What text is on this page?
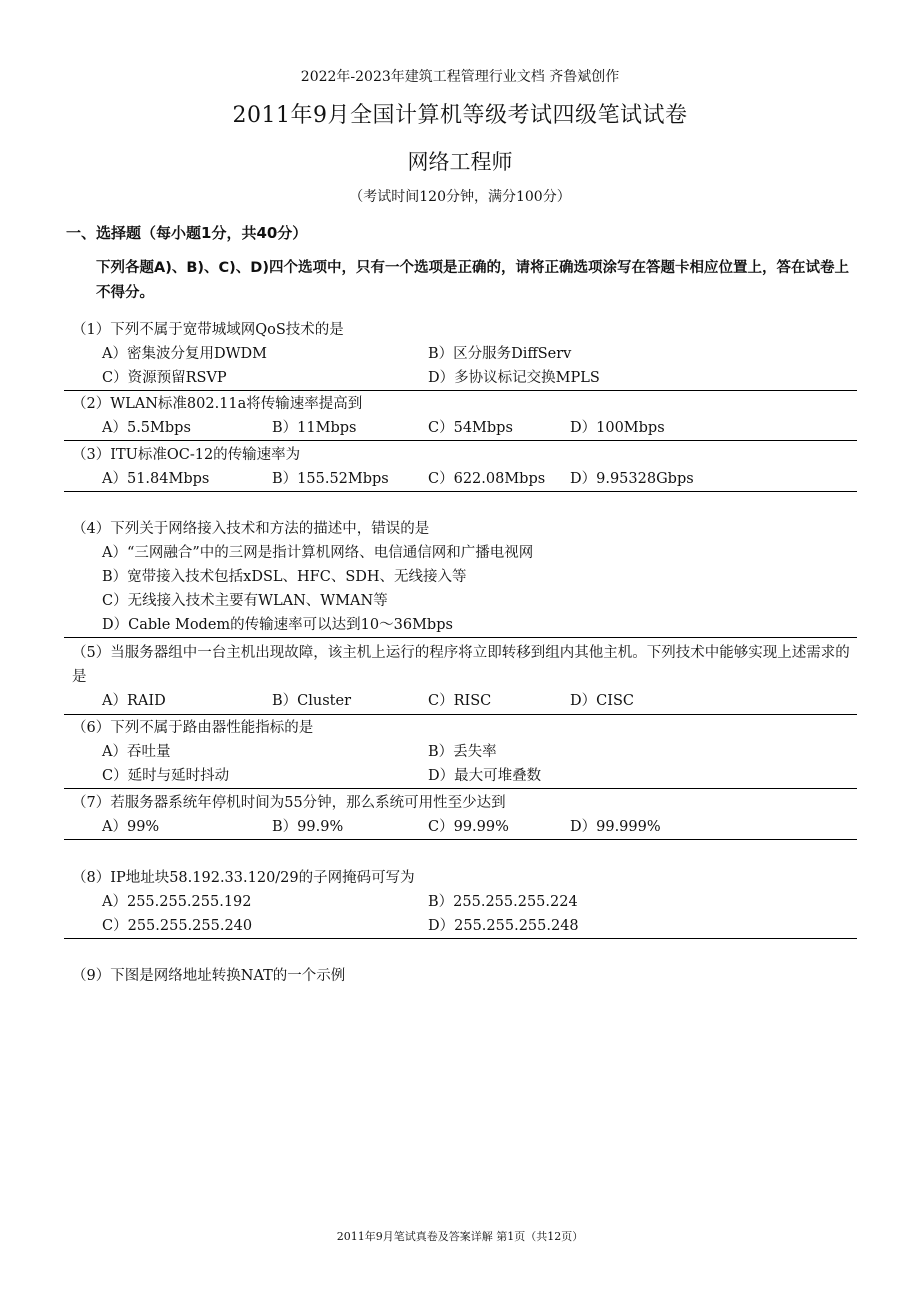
2022年-2023年建筑工程管理行业文档 齐鲁斌创作
2011年9月全国计算机等级考试四级笔试试卷
网络工程师
（考试时间120分钟，满分100分）
一、选择题（每小题1分，共40分）
下列各题A)、B)、C)、D)四个选项中，只有一个选项是正确的，请将正确选项涂写在答题卡相应位置上，答在试卷上不得分。
（1）下列不属于宽带城域网QoS技术的是
A）密集波分复用DWDM	B）区分服务DiffServ
C）资源预留RSVP	D）多协议标记交换MPLS
（2）WLAN标准802.11a将传输速率提高到
A）5.5Mbps	B）11Mbps	C）54Mbps	D）100Mbps
（3）ITU标准OC-12的传输速率为
A）51.84Mbps	B）155.52Mbps	C）622.08Mbps D）9.95328Gbps
（4）下列关于网络接入技术和方法的描述中，错误的是
A）“三网融合”中的三网是指计算机网络、电信通信网和广播电视网
B）宽带接入技术包括xDSL、HFC、SDH、无线接入等
C）无线接入技术主要有WLAN、WMAN等
D）Cable Modem的传输速率可以达到10～36Mbps
（5）当服务器组中一台主机出现故障，该主机上运行的程序将立即转移到组内其他主机。下列技术中能够实现上述需求的是
A）RAID	B）Cluster	C）RISC	D）CISC
（6）下列不属于路由器性能指标的是
A）吞吐量	B）丢失率
C）延时与延时抖动	D）最大可堆叠数
（7）若服务器系统年停机时间为55分钟，那么系统可用性至少达到
A）99%	B）99.9%	C）99.99%	D）99.999%
（8）IP地址块58.192.33.120/29的子网掩码可写为
A）255.255.255.192	B）255.255.255.224
C）255.255.255.240	D）255.255.255.248
（9）下图是网络地址转换NAT的一个示例
2011年9月笔试真卷及答案详解 第1页（共12页）
